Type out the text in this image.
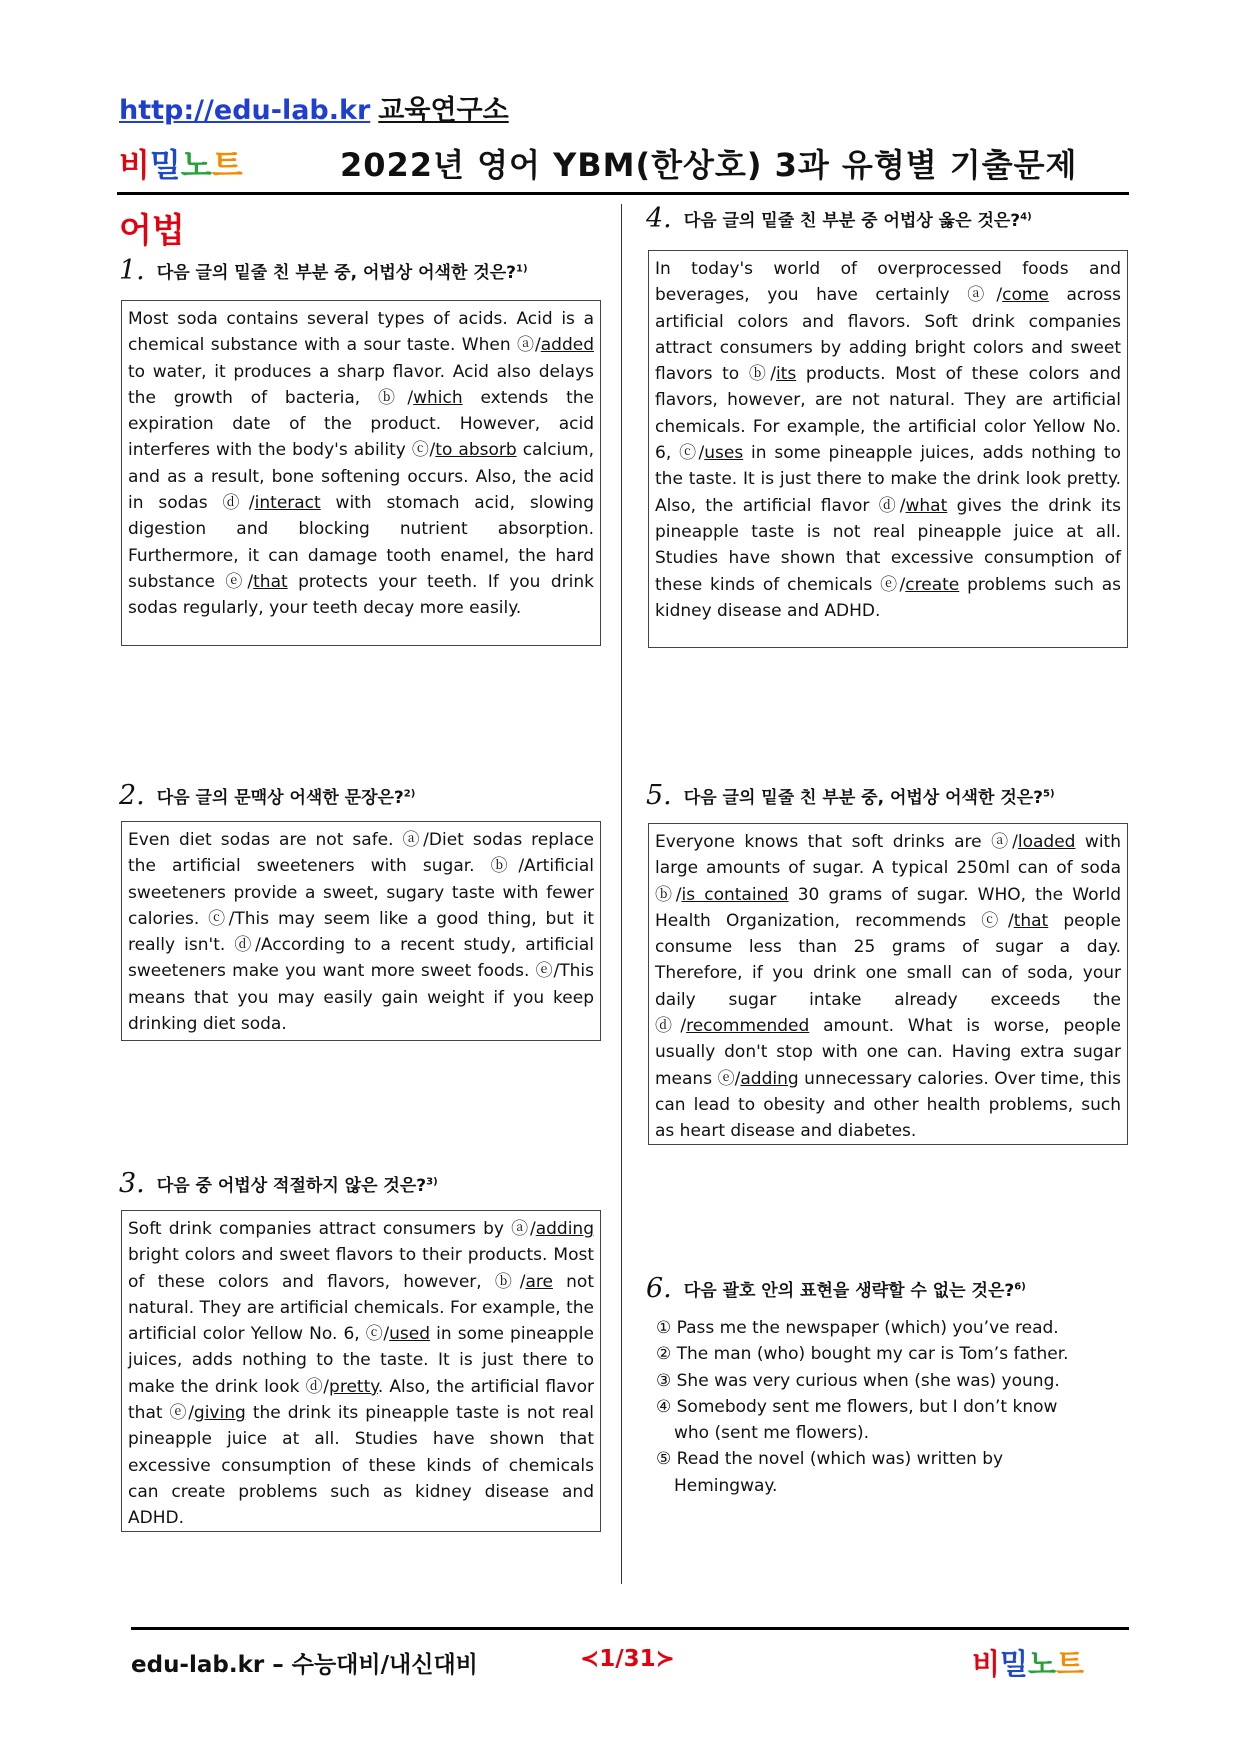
http://edu-lab.kr 교육연구소
비밀노트	2022년 영어 YBM(한상호) 3과 유형별 기출문제
어법
1. 다음 글의 밑줄 친 부분 중, 어법상 어색한 것은?$^{1)}$
Most soda contains several types of acids. Acid is a chemical substance with a sour taste. When ⓐ/added to water, it produces a sharp flavor. Acid also delays the growth of bacteria, ⓑ/which extends the expiration date of the product. However, acid interferes with the body's ability ⓒ/to absorb calcium, and as a result, bone softening occurs. Also, the acid in sodas ⓓ/interact with stomach acid, slowing digestion and blocking nutrient absorption. Furthermore, it can damage tooth enamel, the hard substance ⓔ/that protects your teeth. If you drink sodas regularly, your teeth decay more easily.
2. 다음 글의 문맥상 어색한 문장은?$^{2)}$
Even diet sodas are not safe. ⓐ/Diet sodas replace the artificial sweeteners with sugar. ⓑ/Artificial sweeteners provide a sweet, sugary taste with fewer calories. ⓒ/This may seem like a good thing, but it really isn't. ⓓ/According to a recent study, artificial sweeteners make you want more sweet foods. ⓔ/This means that you may easily gain weight if you keep drinking diet soda.
3. 다음 중 어법상 적절하지 않은 것은?$^{3)}$
Soft drink companies attract consumers by ⓐ/adding bright colors and sweet flavors to their products. Most of these colors and flavors, however, ⓑ/are not natural. They are artificial chemicals. For example, the artificial color Yellow No. 6, ⓒ/used in some pineapple juices, adds nothing to the taste. It is just there to make the drink look ⓓ/pretty. Also, the artificial flavor that ⓔ/giving the drink its pineapple taste is not real pineapple juice at all. Studies have shown that excessive consumption of these kinds of chemicals can create problems such as kidney disease and ADHD.
4. 다음 글의 밑줄 친 부분 중 어법상 옳은 것은?$^{4)}$
In today's world of overprocessed foods and beverages, you have certainly ⓐ/come across artificial colors and flavors. Soft drink companies attract consumers by adding bright colors and sweet flavors to ⓑ/its products. Most of these colors and flavors, however, are not natural. They are artificial chemicals. For example, the artificial color Yellow No. 6, ⓒ/uses in some pineapple juices, adds nothing to the taste. It is just there to make the drink look pretty. Also, the artificial flavor ⓓ/what gives the drink its pineapple taste is not real pineapple juice at all. Studies have shown that excessive consumption of these kinds of chemicals ⓔ/create problems such as kidney disease and ADHD.
5. 다음 글의 밑줄 친 부분 중, 어법상 어색한 것은?$^{5)}$
Everyone knows that soft drinks are ⓐ/loaded with large amounts of sugar. A typical 250ml can of soda ⓑ/is contained 30 grams of sugar. WHO, the World Health Organization, recommends ⓒ/that people consume less than 25 grams of sugar a day. Therefore, if you drink one small can of soda, your daily sugar intake already exceeds the ⓓ/recommended amount. What is worse, people usually don't stop with one can. Having extra sugar means ⓔ/adding unnecessary calories. Over time, this can lead to obesity and other health problems, such as heart disease and diabetes.
6. 다음 괄호 안의 표현을 생략할 수 없는 것은?$^{6)}$
① Pass me the newspaper (which) you’ve read.
② The man (who) bought my car is Tom’s father.
③ She was very curious when (she was) young.
④ Somebody sent me flowers, but I don’t know
who (sent me flowers).
⑤ Read the novel (which was) written by
Hemingway.
edu-lab.kr – 수능대비/내신대비	≺1/31≻	비밀노트
